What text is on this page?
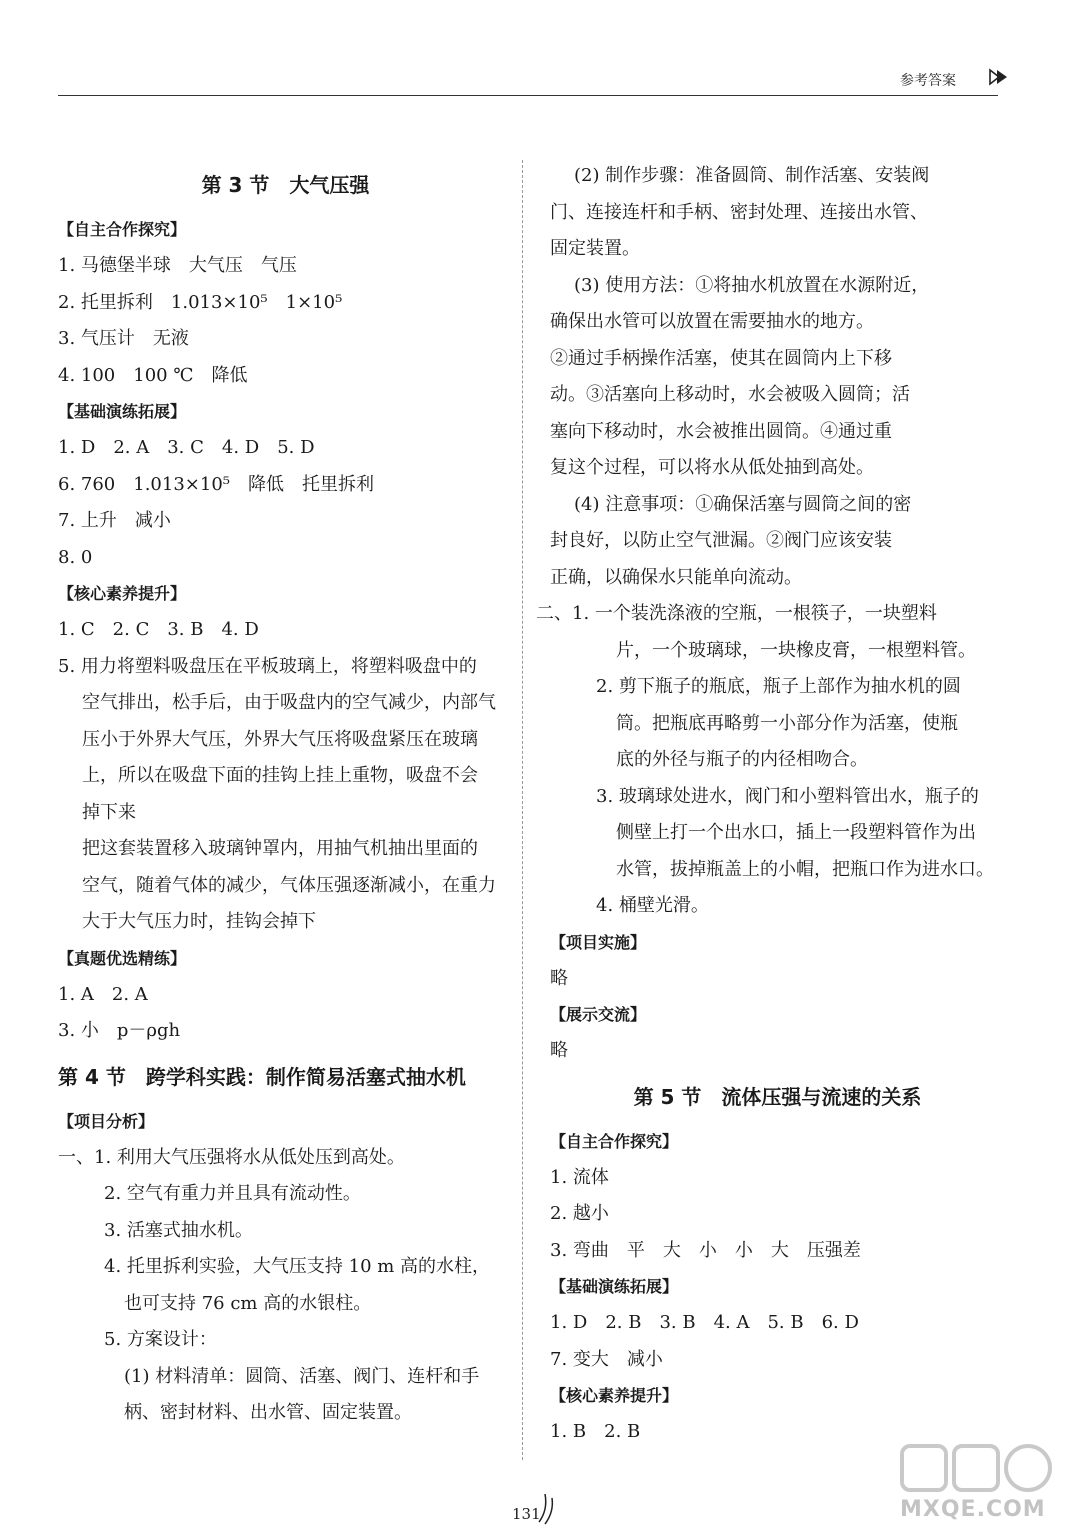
参考答案
第 3 节　大气压强
【自主合作探究】
1. 马德堡半球　大气压　气压
2. 托里拆利　1.013×10⁵　1×10⁵
3. 气压计　无液
4. 100　100 ℃　降低
【基础演练拓展】
1. D　2. A　3. C　4. D　5. D
6. 760　1.013×10⁵　降低　托里拆利
7. 上升　减小
8. 0
【核心素养提升】
1. C　2. C　3. B　4. D
5. 用力将塑料吸盘压在平板玻璃上，将塑料吸盘中的
空气排出，松手后，由于吸盘内的空气减少，内部气
压小于外界大气压，外界大气压将吸盘紧压在玻璃
上，所以在吸盘下面的挂钩上挂上重物，吸盘不会
掉下来
把这套装置移入玻璃钟罩内，用抽气机抽出里面的
空气，随着气体的减少，气体压强逐渐减小，在重力
大于大气压力时，挂钩会掉下
【真题优选精练】
1. A　2. A
3. 小　p－ρgh
第 4 节　跨学科实践：制作简易活塞式抽水机
【项目分析】
一、1. 利用大气压强将水从低处压到高处。
2. 空气有重力并且具有流动性。
3. 活塞式抽水机。
4. 托里拆利实验，大气压支持 10 m 高的水柱，
也可支持 76 cm 高的水银柱。
5. 方案设计：
(1) 材料清单：圆筒、活塞、阀门、连杆和手
柄、密封材料、出水管、固定装置。
(2) 制作步骤：准备圆筒、制作活塞、安装阀
门、连接连杆和手柄、密封处理、连接出水管、
固定装置。
(3) 使用方法：①将抽水机放置在水源附近，
确保出水管可以放置在需要抽水的地方。
②通过手柄操作活塞，使其在圆筒内上下移
动。③活塞向上移动时，水会被吸入圆筒；活
塞向下移动时，水会被推出圆筒。④通过重
复这个过程，可以将水从低处抽到高处。
(4) 注意事项：①确保活塞与圆筒之间的密
封良好，以防止空气泄漏。②阀门应该安装
正确，以确保水只能单向流动。
二、1. 一个装洗涤液的空瓶，一根筷子，一块塑料
片，一个玻璃球，一块橡皮膏，一根塑料管。
2. 剪下瓶子的瓶底，瓶子上部作为抽水机的圆
筒。把瓶底再略剪一小部分作为活塞，使瓶
底的外径与瓶子的内径相吻合。
3. 玻璃球处进水，阀门和小塑料管出水，瓶子的
侧壁上打一个出水口，插上一段塑料管作为出
水管，拔掉瓶盖上的小帽，把瓶口作为进水口。
4. 桶壁光滑。
【项目实施】
略
【展示交流】
略
第 5 节　流体压强与流速的关系
【自主合作探究】
1. 流体
2. 越小
3. 弯曲　平　大　小　小　大　压强差
【基础演练拓展】
1. D　2. B　3. B　4. A　5. B　6. D
7. 变大　减小
【核心素养提升】
1. B　2. B
131	MXQE.COM
